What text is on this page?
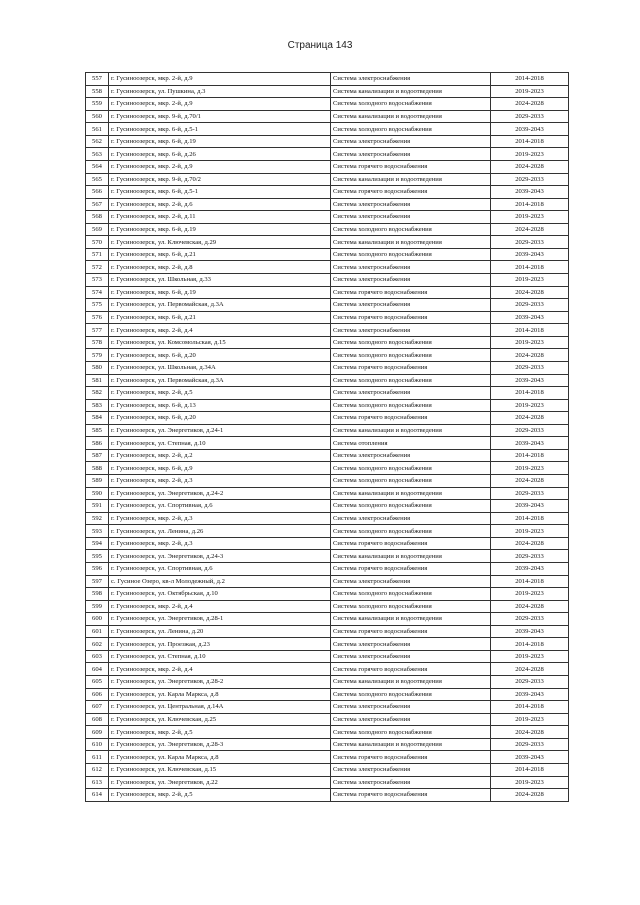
Страница 143
557	г. Гусиноозерск, мкр. 2-й, д.9	Система электроснабжения	2014-2018
558	г. Гусиноозерск, ул. Пушкина, д.3	Система канализации и водоотведения	2019-2023
559	г. Гусиноозерск, мкр. 2-й, д.9	Система холодного водоснабжения	2024-2028
560	г. Гусиноозерск, мкр. 9-й, д.70/1	Система канализации и водоотведения	2029-2033
561	г. Гусиноозерск, мкр. 6-й, д.5-1	Система холодного водоснабжения	2039-2043
562	г. Гусиноозерск, мкр. 6-й, д.19	Система электроснабжения	2014-2018
563	г. Гусиноозерск, мкр. 6-й, д.26	Система электроснабжения	2019-2023
564	г. Гусиноозерск, мкр. 2-й, д.9	Система горячего водоснабжения	2024-2028
565	г. Гусиноозерск, мкр. 9-й, д.70/2	Система канализации и водоотведения	2029-2033
566	г. Гусиноозерск, мкр. 6-й, д.5-1	Система горячего водоснабжения	2039-2043
567	г. Гусиноозерск, мкр. 2-й, д.6	Система электроснабжения	2014-2018
568	г. Гусиноозерск, мкр. 2-й, д.11	Система электроснабжения	2019-2023
569	г. Гусиноозерск, мкр. 6-й, д.19	Система холодного водоснабжения	2024-2028
570	г. Гусиноозерск, ул. Ключевская, д.29	Система канализации и водоотведения	2029-2033
571	г. Гусиноозерск, мкр. 6-й, д.21	Система холодного водоснабжения	2039-2043
572	г. Гусиноозерск, мкр. 2-й, д.8	Система электроснабжения	2014-2018
573	г. Гусиноозерск, ул. Школьная, д.33	Система электроснабжения	2019-2023
574	г. Гусиноозерск, мкр. 6-й, д.19	Система горячего водоснабжения	2024-2028
575	г. Гусиноозерск, ул. Первомайская, д.3А	Система электроснабжения	2029-2033
576	г. Гусиноозерск, мкр. 6-й, д.21	Система горячего водоснабжения	2039-2043
577	г. Гусиноозерск, мкр. 2-й, д.4	Система электроснабжения	2014-2018
578	г. Гусиноозерск, ул. Комсомольская, д.15	Система холодного водоснабжения	2019-2023
579	г. Гусиноозерск, мкр. 6-й, д.20	Система холодного водоснабжения	2024-2028
580	г. Гусиноозерск, ул. Школьная, д.34А	Система горячего водоснабжения	2029-2033
581	г. Гусиноозерск, ул. Первомайская, д.3А	Система холодного водоснабжения	2039-2043
582	г. Гусиноозерск, мкр. 2-й, д.5	Система электроснабжения	2014-2018
583	г. Гусиноозерск, мкр. 6-й, д.13	Система холодного водоснабжения	2019-2023
584	г. Гусиноозерск, мкр. 6-й, д.20	Система горячего водоснабжения	2024-2028
585	г. Гусиноозерск, ул. Энергетиков, д.24-1	Система канализации и водоотведения	2029-2033
586	г. Гусиноозерск, ул. Степная, д.10	Система отопления	2039-2043
587	г. Гусиноозерск, мкр. 2-й, д.2	Система электроснабжения	2014-2018
588	г. Гусиноозерск, мкр. 6-й, д.9	Система холодного водоснабжения	2019-2023
589	г. Гусиноозерск, мкр. 2-й, д.3	Система холодного водоснабжения	2024-2028
590	г. Гусиноозерск, ул. Энергетиков, д.24-2	Система канализации и водоотведения	2029-2033
591	г. Гусиноозерск, ул. Спортивная, д.6	Система холодного водоснабжения	2039-2043
592	г. Гусиноозерск, мкр. 2-й, д.3	Система электроснабжения	2014-2018
593	г. Гусиноозерск, ул. Ленина, д.26	Система холодного водоснабжения	2019-2023
594	г. Гусиноозерск, мкр. 2-й, д.3	Система горячего водоснабжения	2024-2028
595	г. Гусиноозерск, ул. Энергетиков, д.24-3	Система канализации и водоотведения	2029-2033
596	г. Гусиноозерск, ул. Спортивная, д.6	Система горячего водоснабжения	2039-2043
597	с. Гусиное Озеро, кв-л Молодежный, д.2	Система электроснабжения	2014-2018
598	г. Гусиноозерск, ул. Октябрьская, д.10	Система холодного водоснабжения	2019-2023
599	г. Гусиноозерск, мкр. 2-й, д.4	Система холодного водоснабжения	2024-2028
600	г. Гусиноозерск, ул. Энергетиков, д.28-1	Система канализации и водоотведения	2029-2033
601	г. Гусиноозерск, ул. Ленина, д.20	Система горячего водоснабжения	2039-2043
602	г. Гусиноозерск, ул. Проезжая, д.23	Система электроснабжения	2014-2018
603	г. Гусиноозерск, ул. Степная, д.10	Система электроснабжения	2019-2023
604	г. Гусиноозерск, мкр. 2-й, д.4	Система горячего водоснабжения	2024-2028
605	г. Гусиноозерск, ул. Энергетиков, д.28-2	Система канализации и водоотведения	2029-2033
606	г. Гусиноозерск, ул. Карла Маркса, д.8	Система холодного водоснабжения	2039-2043
607	г. Гусиноозерск, ул. Центральная, д.14А	Система электроснабжения	2014-2018
608	г. Гусиноозерск, ул. Ключевская, д.25	Система электроснабжения	2019-2023
609	г. Гусиноозерск, мкр. 2-й, д.5	Система холодного водоснабжения	2024-2028
610	г. Гусиноозерск, ул. Энергетиков, д.28-3	Система канализации и водоотведения	2029-2033
611	г. Гусиноозерск, ул. Карла Маркса, д.8	Система горячего водоснабжения	2039-2043
612	г. Гусиноозерск, ул. Ключевская, д.15	Система электроснабжения	2014-2018
613	г. Гусиноозерск, ул. Энергетиков, д.22	Система электроснабжения	2019-2023
614	г. Гусиноозерск, мкр. 2-й, д.5	Система горячего водоснабжения	2024-2028
